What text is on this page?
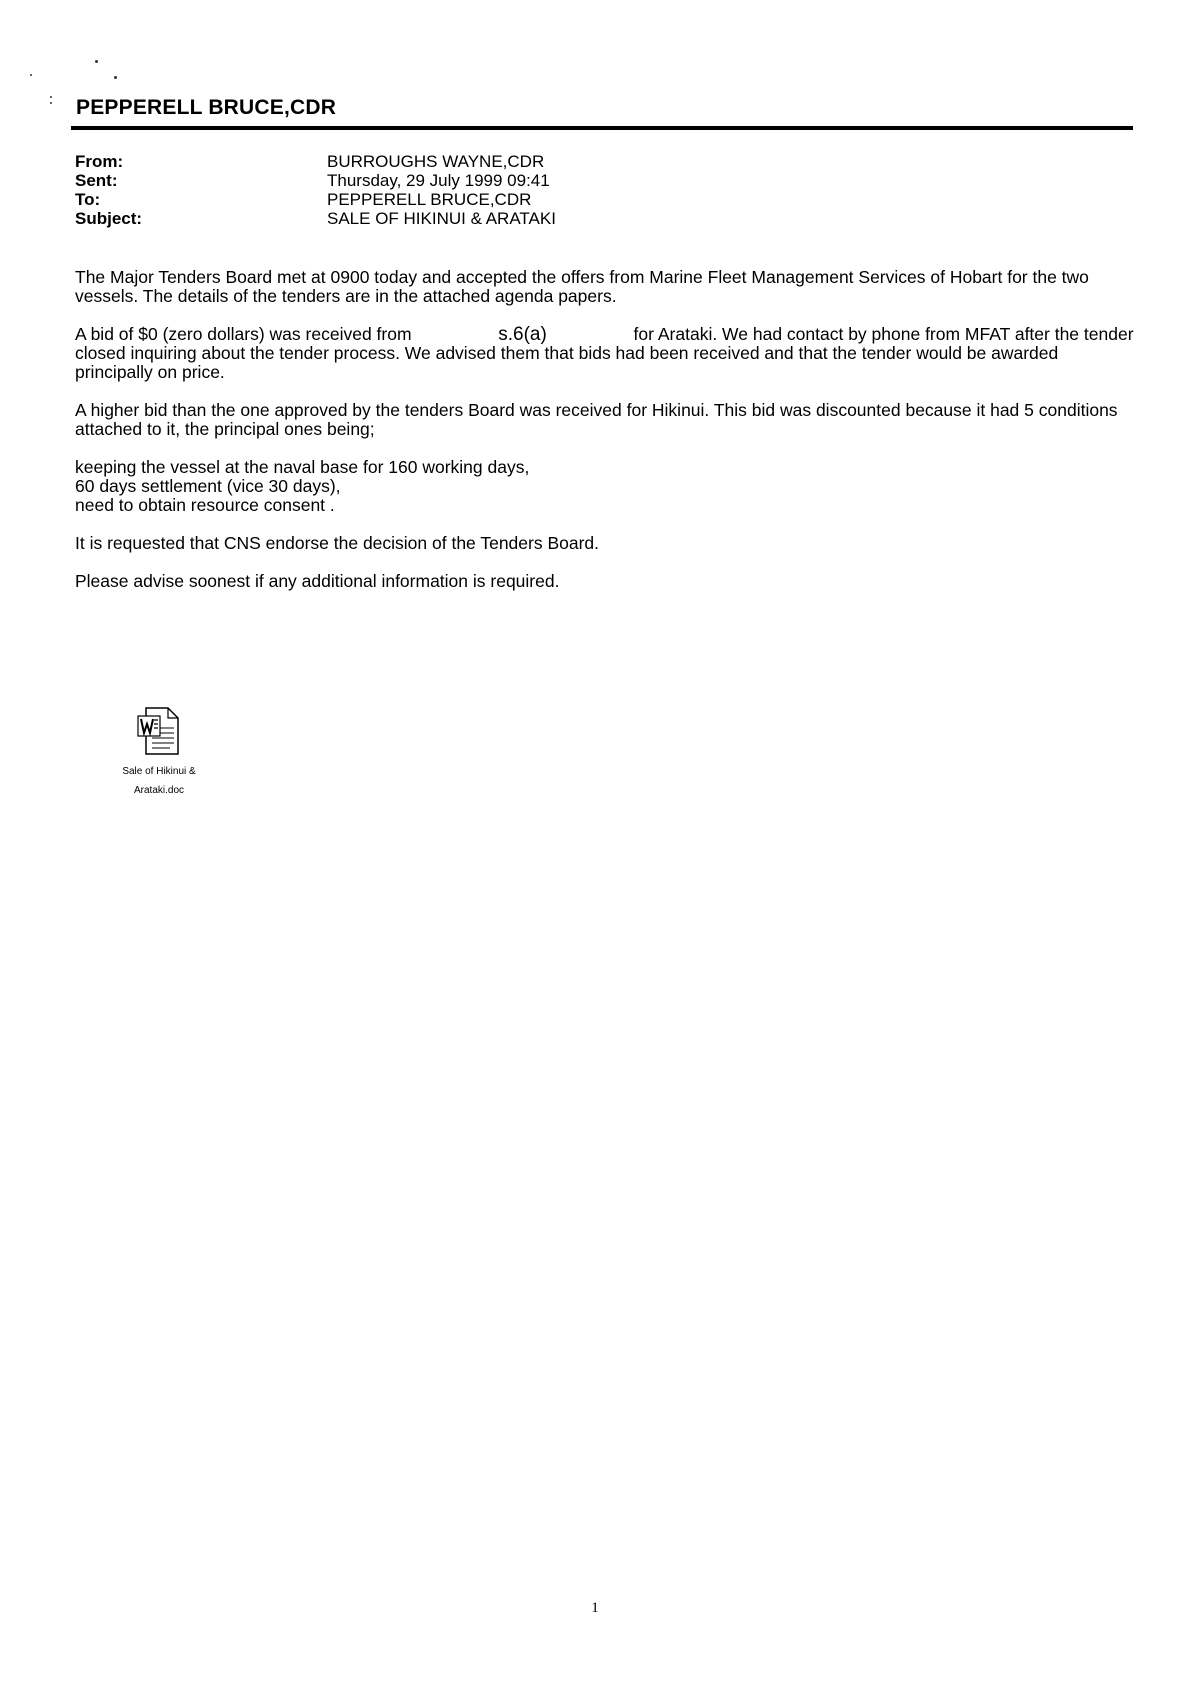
PEPPERELL BRUCE,CDR
From:	BURROUGHS WAYNE,CDR
Sent:	Thursday, 29 July 1999 09:41
To:	PEPPERELL BRUCE,CDR
Subject:	SALE OF HIKINUI & ARATAKI

The Major Tenders Board met at 0900 today and accepted the offers from Marine Fleet Management Services of Hobart for the two vessels. The details of the tenders are in the attached agenda papers.

A bid of $0 (zero dollars) was received from	s.6(a)	for Arataki. We had contact by phone from MFAT after the tender closed inquiring about the tender process. We advised them that bids had been received and that the tender would be awarded principally on price.

A higher bid than the one approved by the tenders Board was received for Hikinui. This bid was discounted because it had 5 conditions attached to it, the principal ones being;

keeping the vessel at the naval base for 160 working days,

60 days settlement (vice 30 days),

need to obtain resource consent .

It is requested that CNS endorse the decision of the Tenders Board.

Please advise soonest if any additional information is required.

Sale of Hikinui &
Arataki.doc
1
